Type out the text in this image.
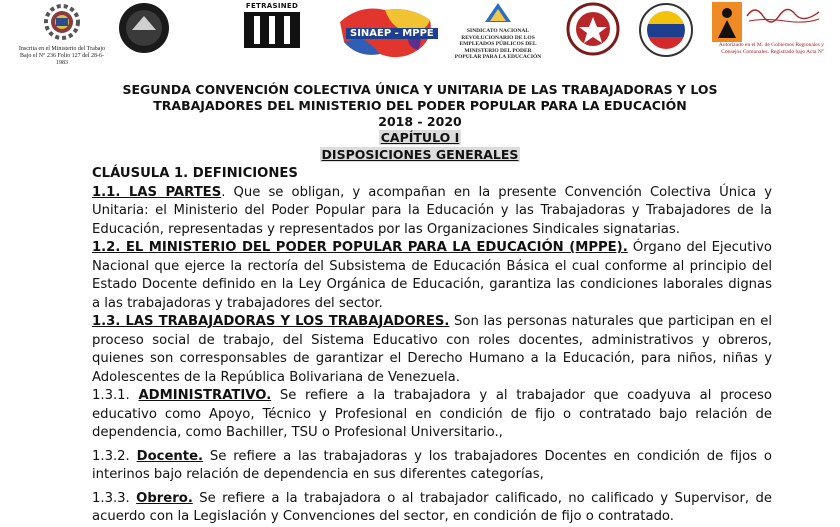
Inscrita en el Ministerio del Trabajo Bajo el N° 236 Folio 127 del 28-6-1983
FETRASINED
SINAEP - MPPE	SINDICATO NACIONAL REVOLUCIONARIO DE LOS EMPLEADOS PÚBLICOS DEL MINISTERIO DEL PODER POPULAR PARA LA EDUCACIÓN
Autorizado en el M. de Gobiernos Regionales y Consejos Comunales. Registrado bajo Acta N°
SEGUNDA CONVENCIÓN COLECTIVA ÚNICA Y UNITARIA DE LAS TRABAJADORAS Y LOS
TRABAJADORES DEL MINISTERIO DEL PODER POPULAR PARA LA EDUCACIÓN
2018 - 2020
CAPÍTULO I
DISPOSICIONES GENERALES

CLÁUSULA 1. DEFINICIONES

1.1. LAS PARTES. Que se obligan, y acompañan en la presente Convención Colectiva Única y Unitaria: el Ministerio del Poder Popular para la Educación y las Trabajadoras y Trabajadores de la Educación, representadas y representados por las Organizaciones Sindicales signatarias.

1.2. EL MINISTERIO DEL PODER POPULAR PARA LA EDUCACIÓN (MPPE). Órgano del Ejecutivo Nacional que ejerce la rectoría del Subsistema de Educación Básica el cual conforme al principio del Estado Docente definido en la Ley Orgánica de Educación, garantiza las condiciones laborales dignas a las trabajadoras y trabajadores del sector.

1.3. LAS TRABAJADORAS Y LOS TRABAJADORES. Son las personas naturales que participan en el proceso social de trabajo, del Sistema Educativo con roles docentes, administrativos y obreros, quienes son corresponsables de garantizar el Derecho Humano a la Educación, para niños, niñas y Adolescentes de la República Bolivariana de Venezuela.

1.3.1. ADMINISTRATIVO. Se refiere a la trabajadora y al trabajador que coadyuva al proceso educativo como Apoyo, Técnico y Profesional en condición de fijo o contratado bajo relación de dependencia, como Bachiller, TSU o Profesional Universitario.,

1.3.2. Docente. Se refiere a las trabajadoras y los trabajadores Docentes en condición de fijos o interinos bajo relación de dependencia en sus diferentes categorías,

1.3.3. Obrero. Se refiere a la trabajadora o al trabajador calificado, no calificado y Supervisor, de acuerdo con la Legislación y Convenciones del sector, en condición de fijo o contratado.
